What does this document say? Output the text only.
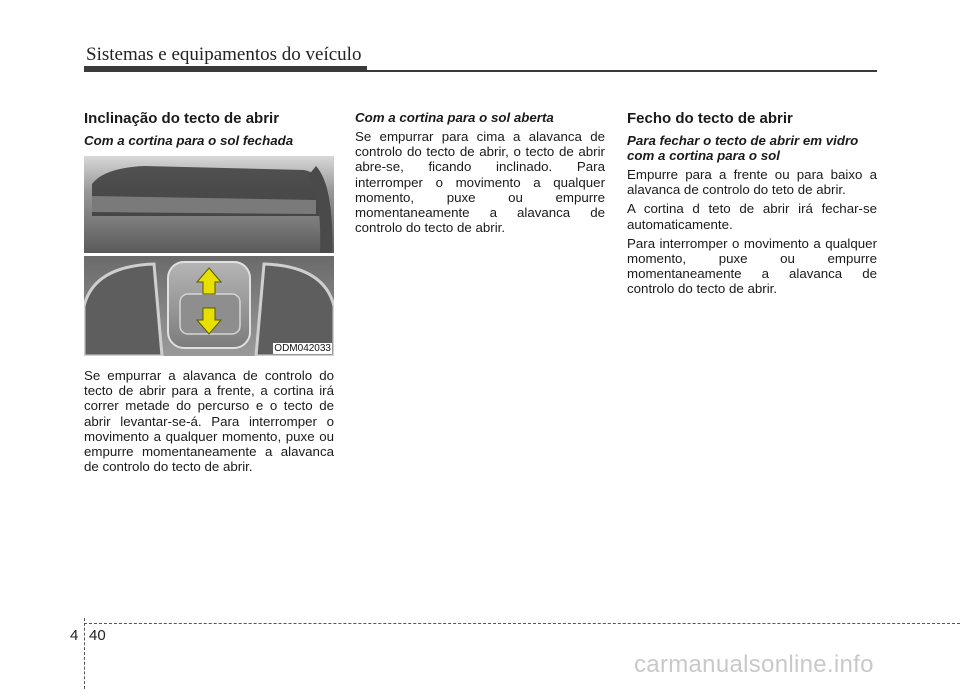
Sistemas e equipamentos do veículo
Inclinação do tecto de abrir
Com a cortina para o sol fechada
ODM042033

Se empurrar a alavanca de controlo do tecto de abrir para a frente, a cortina irá correr metade do percurso e o tecto de abrir levantar-se-á. Para interromper o movimento a qualquer momento, puxe ou empurre momentaneamente a alavanca de controlo do tecto de abrir.

Com a cortina para o sol aberta

Se empurrar para cima a alavanca de controlo do tecto de abrir, o tecto de abrir abre-se, ficando inclinado. Para interromper o movimento a qualquer momento, puxe ou empurre momentaneamente a alavanca de controlo do tecto de abrir.

Fecho do tecto de abrir
Para fechar o tecto de abrir em vidro com a cortina para o sol

Empurre para a frente ou para baixo a alavanca de controlo do teto de abrir.

A cortina d teto de abrir irá fechar-se automaticamente.

Para interromper o movimento a qualquer momento, puxe ou empurre momentaneamente a alavanca de controlo do tecto de abrir.

4 40
carmanualsonline.info
